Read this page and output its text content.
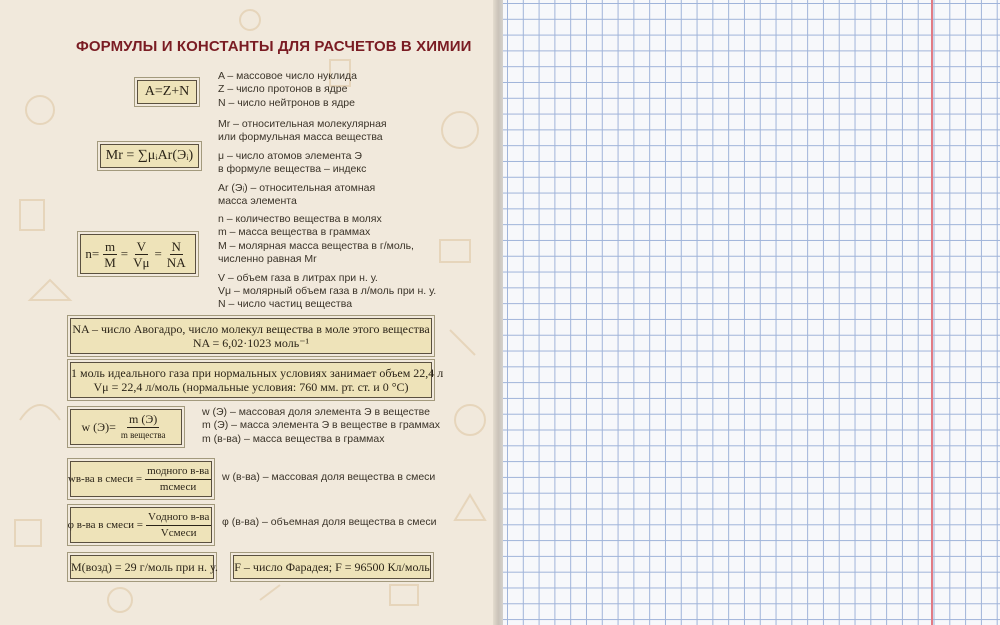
ФОРМУЛЫ И КОНСТАНТЫ ДЛЯ РАСЧЕТОВ В ХИМИИ
A=Z+N
A – массовое число нуклида
Z – число протонов в ядре
N – число нейтронов в ядре
Mr =
∑μᵢAr(Эᵢ)
Mr – относительная молекулярная
или формульная масса вещества
μ – число атомов элемента Э
в формуле вещества – индекс
Ar (Эᵢ) – относительная атомная
масса элемента
$n = \frac{m}{M} = \frac{V}{V\mu} = \frac{N}{NA}$
n – количество вещества в молях
m – масса вещества в граммах
M – молярная масса вещества в г/моль,
численно равная Mr
V – объем газа в литрах при н. у.
Vμ – молярный объем газа в л/моль при н. у.
N – число частиц вещества
NA – число Авогадро, число молекул вещества в моле этого вещества
NA = 6,02·1023 моль⁻¹
1 моль идеального газа при нормальных условиях занимает объем 22,4 л
Vμ = 22,4 л/моль (нормальные условия: 760 мм. рт. ст. и 0 °С)
w $(Э)= \frac{m (Э)}{\text{m вещества}}$	w (Э) – массовая доля элемента Э в веществе
m (Э) – масса элемента Э в веществе в граммах
m (в-ва) – масса вещества в граммах
wв-ва в смеси = $\frac{\text{mодного в-ва}}{\text{mсмеси}}$ w (в-ва) – массовая доля вещества в смеси
φ в-ва в смеси = $\frac{\text{Vодного в-ва}}{\text{Vсмеси}}$ φ (в-ва) – объемная доля вещества в смеси
M(возд) = 29 г/моль при н. у. F – число Фарадея; F = 96500 Кл/моль
